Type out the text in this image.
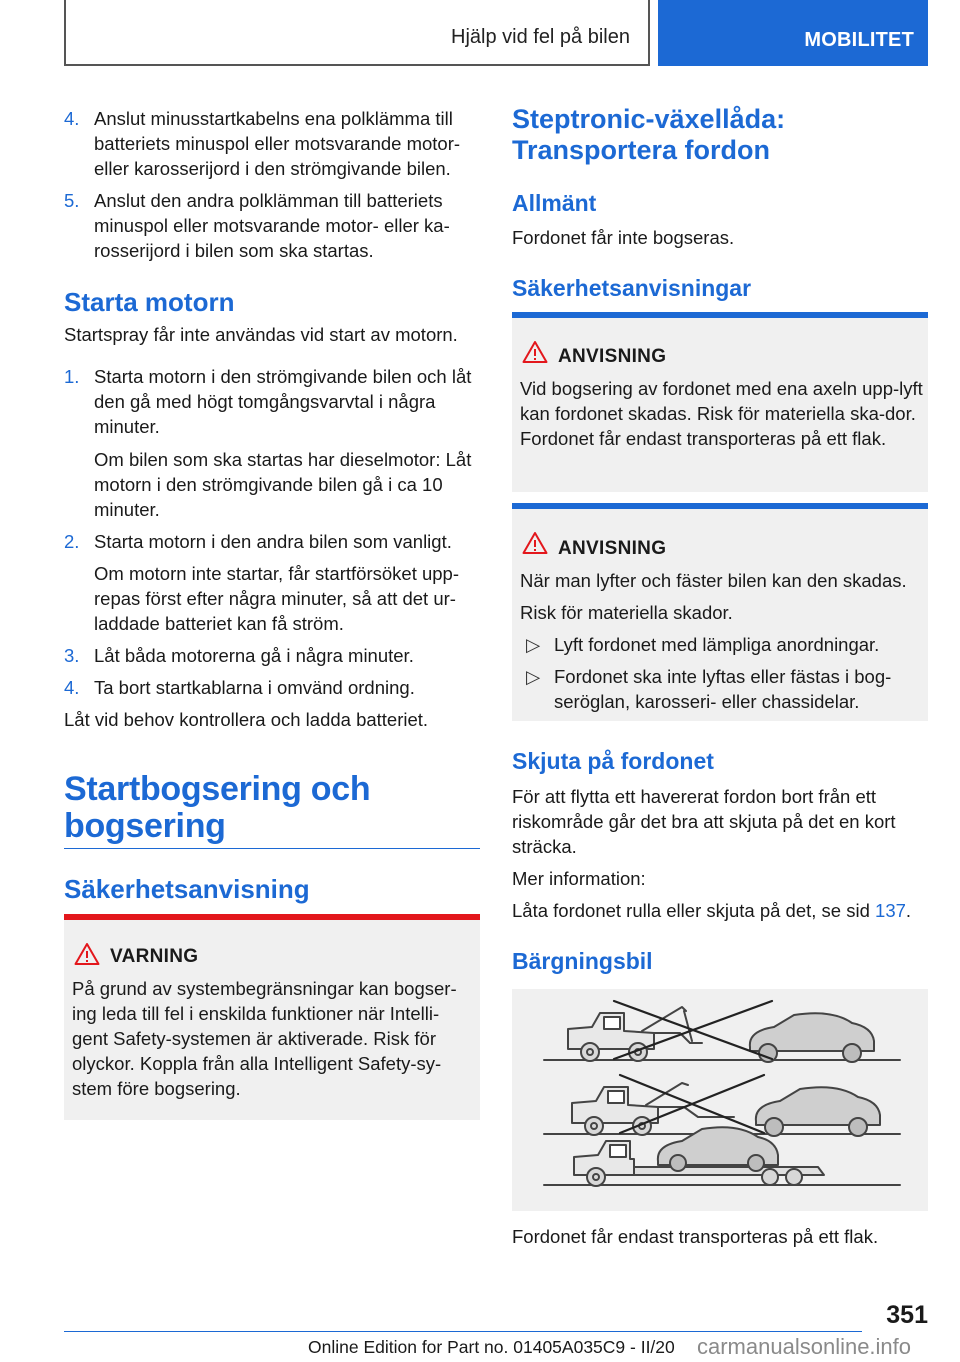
Hjälp vid fel på bilen	MOBILITET
4. Anslut minusstartkabelns ena polklämma till batteriets minuspol eller motsvarande motor- eller karosserijord i den strömgivande bilen.
5. Anslut den andra polklämman till batteriets minuspol eller motsvarande motor- eller ka-rosserijord i bilen som ska startas.
Starta motorn
Startspray får inte användas vid start av motorn.
1. Starta motorn i den strömgivande bilen och låt den gå med högt tomgångsvarvtal i några minuter.
Om bilen som ska startas har dieselmotor: Låt motorn i den strömgivande bilen gå i ca 10 minuter.
2. Starta motorn i den andra bilen som vanligt.
Om motorn inte startar, får startförsöket upp-repas först efter några minuter, så att det ur-laddade batteriet kan få ström.
3. Låt båda motorerna gå i några minuter.
4. Ta bort startkablarna i omvänd ordning.
Låt vid behov kontrollera och ladda batteriet.
Startbogsering och
bogsering
Säkerhetsanvisning
VARNING
På grund av systembegränsningar kan bogser-ing leda till fel i enskilda funktioner när Intelli-gent Safety-systemen är aktiverade. Risk för olyckor. Koppla från alla Intelligent Safety-sy-stem före bogsering.
Steptronic-växellåda:
Transportera fordon
Allmänt
Fordonet får inte bogseras.
Säkerhetsanvisningar
ANVISNING
Vid bogsering av fordonet med ena axeln upp-lyft kan fordonet skadas. Risk för materiella ska-dor. Fordonet får endast transporteras på ett flak.
ANVISNING
När man lyfter och fäster bilen kan den skadas.
Risk för materiella skador.
▷ Lyft fordonet med lämpliga anordningar.
▷ Fordonet ska inte lyftas eller fästas i bog-seröglan, karosseri- eller chassidelar.
Skjuta på fordonet
För att flytta ett havererat fordon bort från ett riskområde går det bra att skjuta på det en kort sträcka.
Mer information:
Låta fordonet rulla eller skjuta på det, se sid 137.
Bärgningsbil
Fordonet får endast transporteras på ett flak.
351
Online Edition for Part no. 01405A035C9 - II/20 carmanualsonline.info
